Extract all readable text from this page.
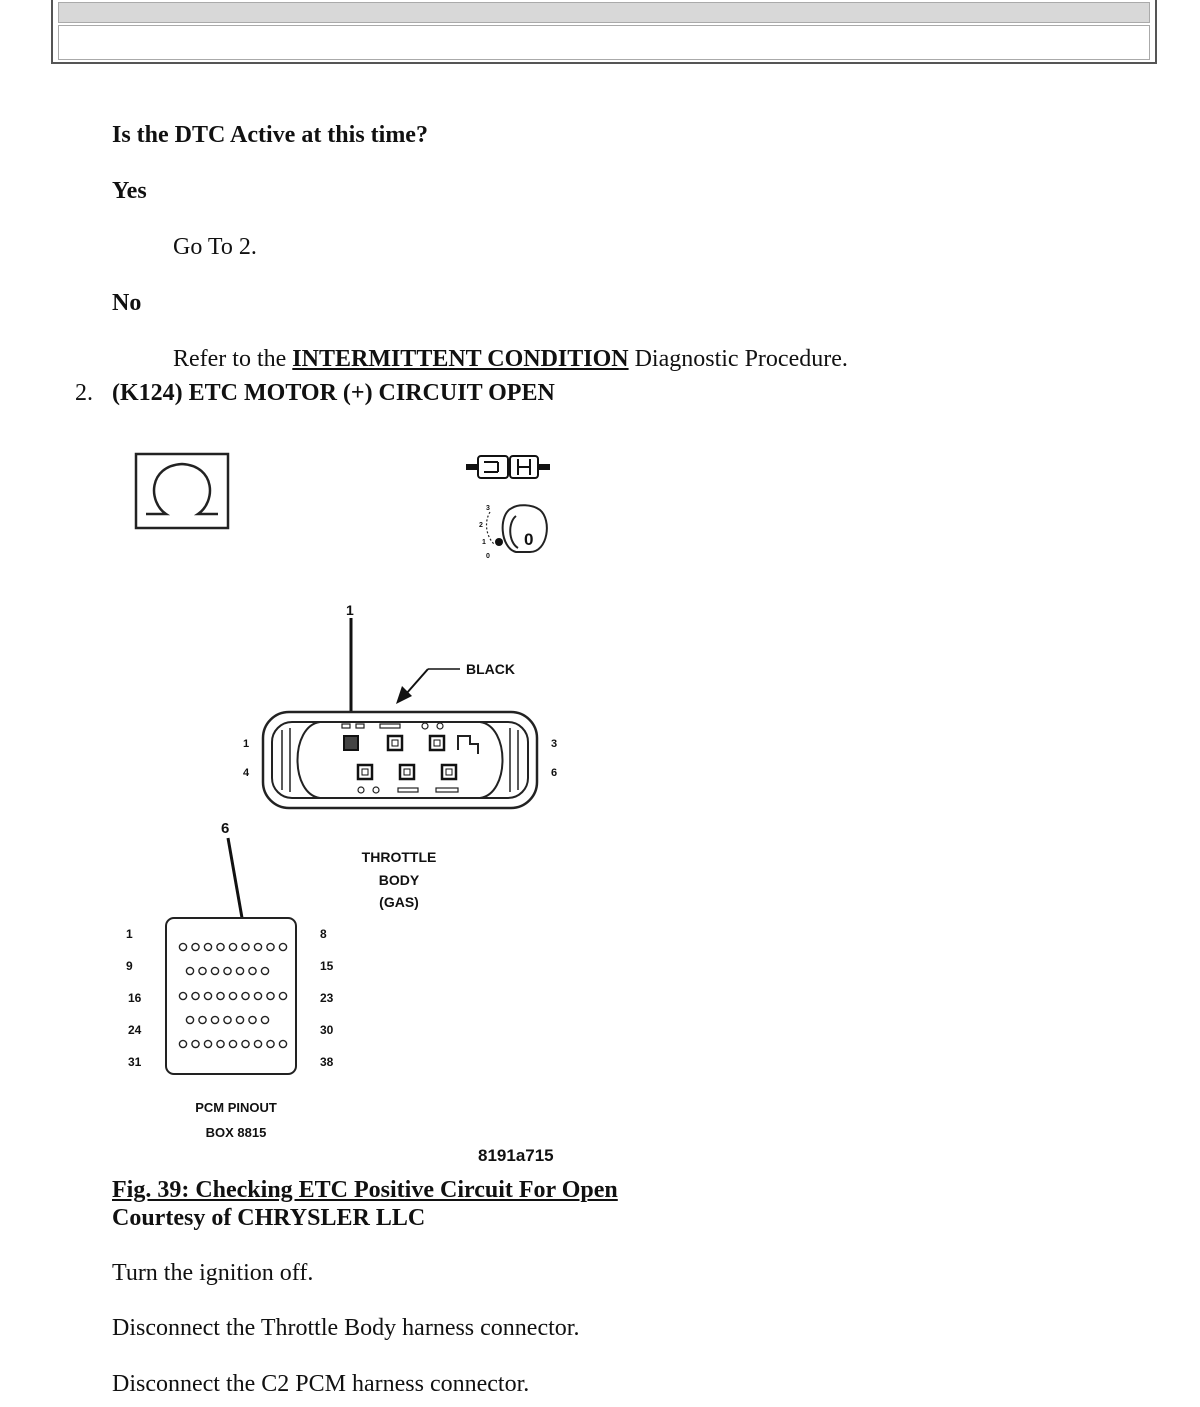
Is the DTC Active at this time?
Yes
Go To 2.
No
Refer to the INTERMITTENT CONDITION Diagnostic Procedure.
2. (K124) ETC MOTOR (+) CIRCUIT OPEN
3
2
1
0
0
1
BLACK
1
4
3
6
6
THROTTLE
BODY
(GAS)
1
9
16
24
31
8
15
23
30
38
PCM PINOUT
BOX 8815
8191a715
Fig. 39: Checking ETC Positive Circuit For Open
Courtesy of CHRYSLER LLC
Turn the ignition off.
Disconnect the Throttle Body harness connector.
Disconnect the C2 PCM harness connector.
